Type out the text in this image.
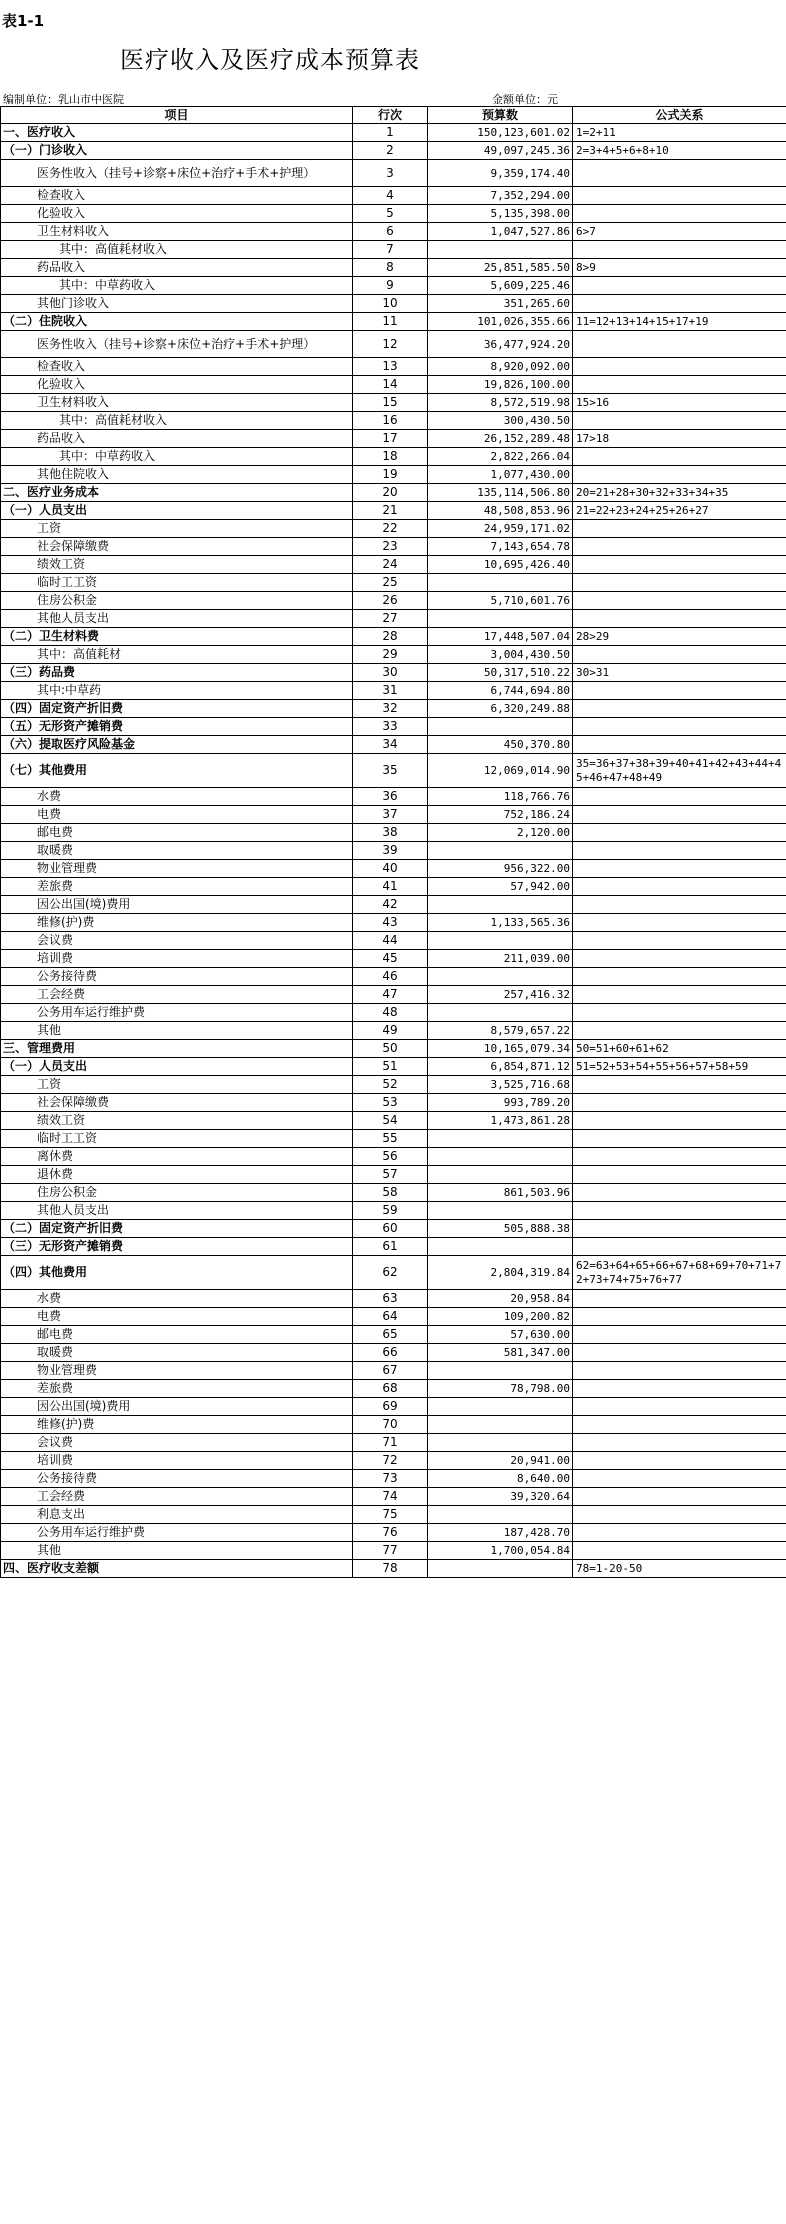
表1-1
医疗收入及医疗成本预算表
编制单位：乳山市中医院	金额单位：元
项目	行次	预算数	公式关系
一、医疗收入	1	150,123,601.02	1=2+11
（一）门诊收入	2	49,097,245.36	2=3+4+5+6+8+10
医务性收入（挂号+诊察+床位+治疗+手术+护理）	3	9,359,174.40	
检查收入	4	7,352,294.00	
化验收入	5	5,135,398.00	
卫生材料收入	6	1,047,527.86	6>7
其中：高值耗材收入	7		
药品收入	8	25,851,585.50	8>9
其中：中草药收入	9	5,609,225.46	
其他门诊收入	10	351,265.60	
（二）住院收入	11	101,026,355.66	11=12+13+14+15+17+19
医务性收入（挂号+诊察+床位+治疗+手术+护理）	12	36,477,924.20	
检查收入	13	8,920,092.00	
化验收入	14	19,826,100.00	
卫生材料收入	15	8,572,519.98	15>16
其中：高值耗材收入	16	300,430.50	
药品收入	17	26,152,289.48	17>18
其中：中草药收入	18	2,822,266.04	
其他住院收入	19	1,077,430.00	
二、医疗业务成本	20	135,114,506.80	20=21+28+30+32+33+34+35
（一）人员支出	21	48,508,853.96	21=22+23+24+25+26+27
工资	22	24,959,171.02	
社会保障缴费	23	7,143,654.78	
绩效工资	24	10,695,426.40	
临时工工资	25		
住房公积金	26	5,710,601.76	
其他人员支出	27		
（二）卫生材料费	28	17,448,507.04	28>29
其中：高值耗材	29	3,004,430.50	
（三）药品费	30	50,317,510.22	30>31
其中:中草药	31	6,744,694.80	
（四）固定资产折旧费	32	6,320,249.88	
（五）无形资产摊销费	33		
（六）提取医疗风险基金	34	450,370.80	
（七）其他费用	35	12,069,014.90	35=36+37+38+39+40+41+42+43+44+45+46+47+48+49
水费	36	118,766.76	
电费	37	752,186.24	
邮电费	38	2,120.00	
取暖费	39		
物业管理费	40	956,322.00	
差旅费	41	57,942.00	
因公出国(境)费用	42		
维修(护)费	43	1,133,565.36	
会议费	44		
培训费	45	211,039.00	
公务接待费	46		
工会经费	47	257,416.32	
公务用车运行维护费	48		
其他	49	8,579,657.22	
三、管理费用	50	10,165,079.34	50=51+60+61+62
（一）人员支出	51	6,854,871.12	51=52+53+54+55+56+57+58+59
工资	52	3,525,716.68	
社会保障缴费	53	993,789.20	
绩效工资	54	1,473,861.28	
临时工工资	55		
离休费	56		
退休费	57		
住房公积金	58	861,503.96	
其他人员支出	59		
（二）固定资产折旧费	60	505,888.38	
（三）无形资产摊销费	61		
（四）其他费用	62	2,804,319.84	62=63+64+65+66+67+68+69+70+71+72+73+74+75+76+77
水费	63	20,958.84	
电费	64	109,200.82	
邮电费	65	57,630.00	
取暖费	66	581,347.00	
物业管理费	67		
差旅费	68	78,798.00	
因公出国(境)费用	69		
维修(护)费	70		
会议费	71		
培训费	72	20,941.00	
公务接待费	73	8,640.00	
工会经费	74	39,320.64	
利息支出	75		
公务用车运行维护费	76	187,428.70	
其他	77	1,700,054.84	
四、医疗收支差额	78		78=1-20-50
